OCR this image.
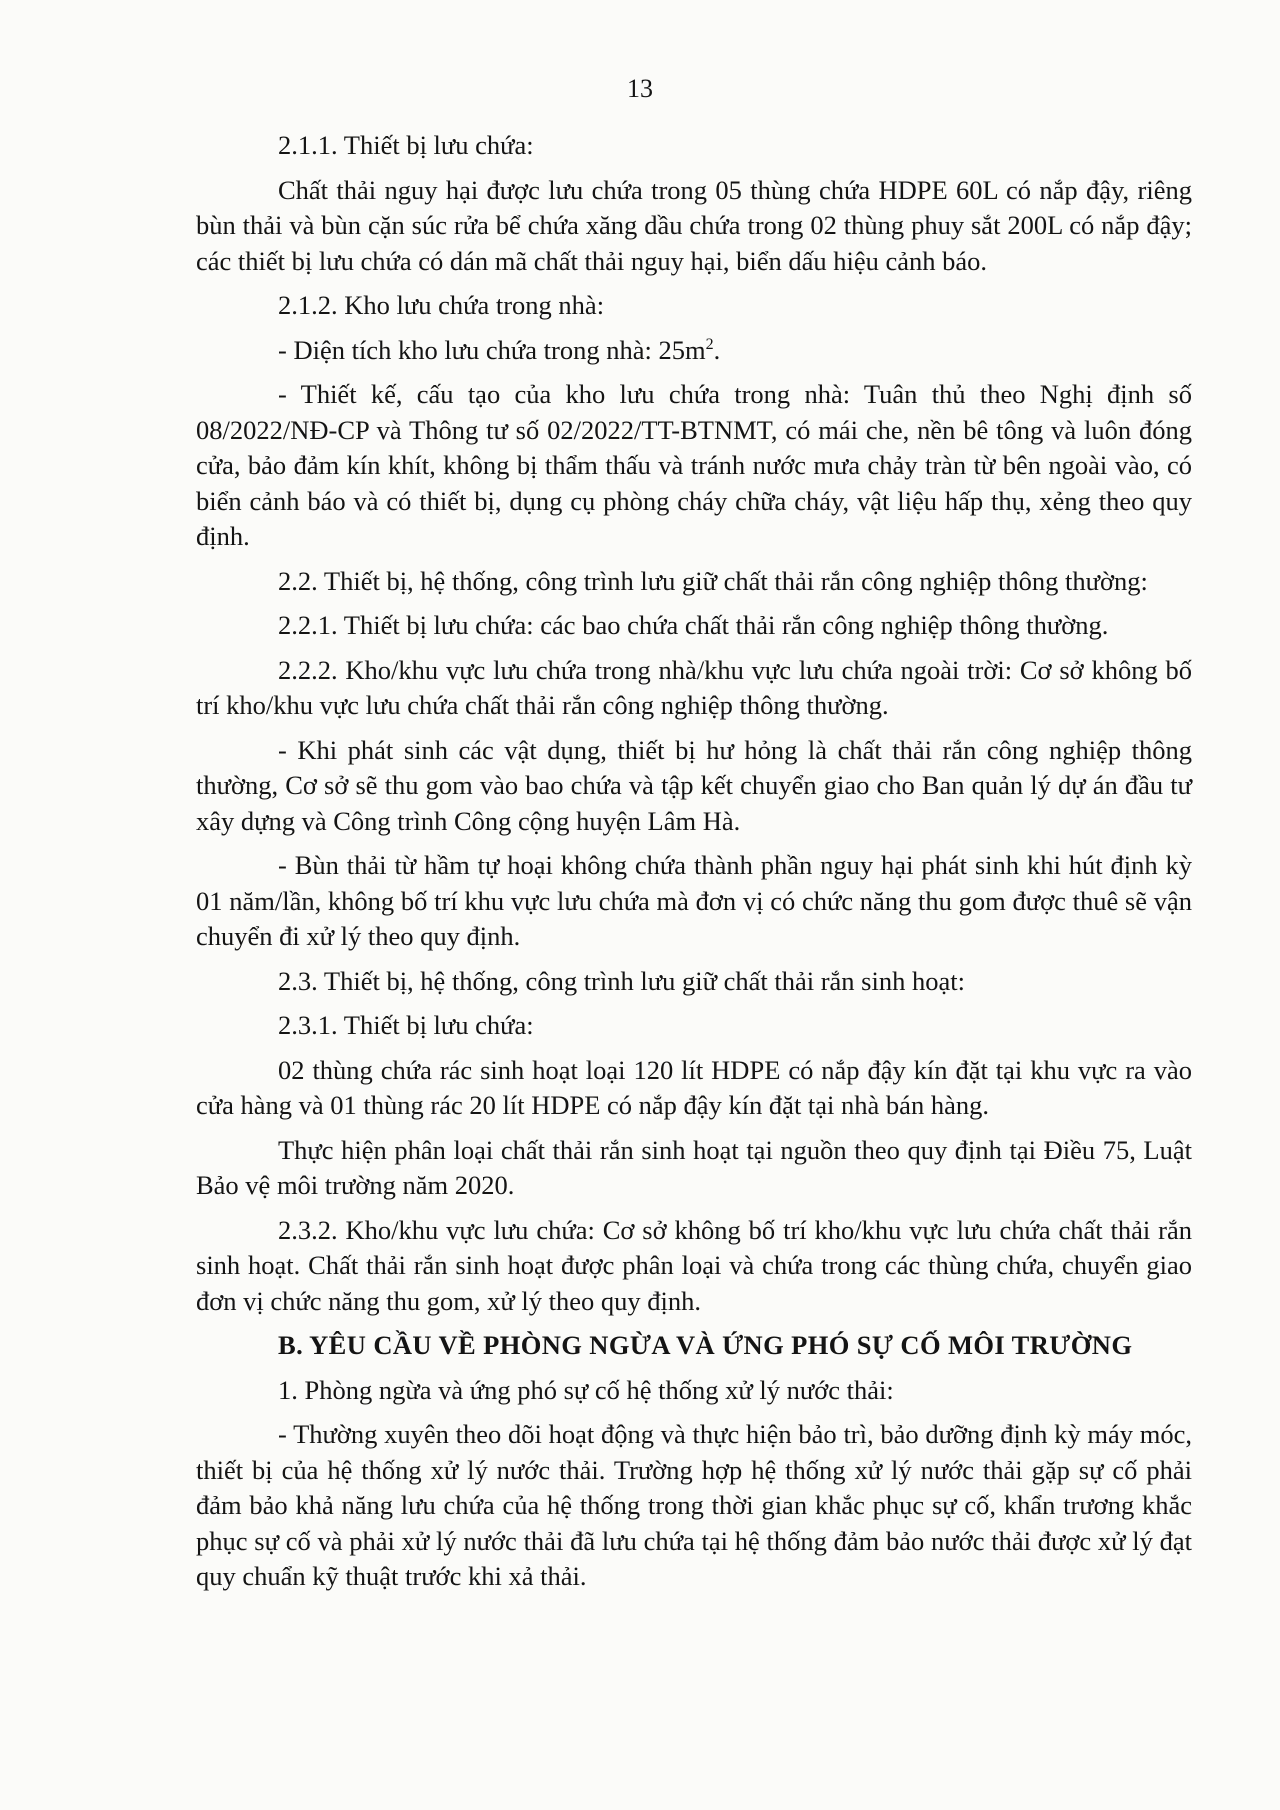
13

2.1.1. Thiết bị lưu chứa:

Chất thải nguy hại được lưu chứa trong 05 thùng chứa HDPE 60L có nắp đậy, riêng bùn thải và bùn cặn súc rửa bể chứa xăng dầu chứa trong 02 thùng phuy sắt 200L có nắp đậy; các thiết bị lưu chứa có dán mã chất thải nguy hại, biển dấu hiệu cảnh báo.

2.1.2. Kho lưu chứa trong nhà:

- Diện tích kho lưu chứa trong nhà: $25m^2$.

- Thiết kế, cấu tạo của kho lưu chứa trong nhà: Tuân thủ theo Nghị định số 08/2022/NĐ-CP và Thông tư số 02/2022/TT-BTNMT, có mái che, nền bê tông và luôn đóng cửa, bảo đảm kín khít, không bị thẩm thấu và tránh nước mưa chảy tràn từ bên ngoài vào, có biển cảnh báo và có thiết bị, dụng cụ phòng cháy chữa cháy, vật liệu hấp thụ, xẻng theo quy định.

2.2. Thiết bị, hệ thống, công trình lưu giữ chất thải rắn công nghiệp thông thường:

2.2.1. Thiết bị lưu chứa: các bao chứa chất thải rắn công nghiệp thông thường.

2.2.2. Kho/khu vực lưu chứa trong nhà/khu vực lưu chứa ngoài trời: Cơ sở không bố trí kho/khu vực lưu chứa chất thải rắn công nghiệp thông thường.

- Khi phát sinh các vật dụng, thiết bị hư hỏng là chất thải rắn công nghiệp thông thường, Cơ sở sẽ thu gom vào bao chứa và tập kết chuyển giao cho Ban quản lý dự án đầu tư xây dựng và Công trình Công cộng huyện Lâm Hà.

- Bùn thải từ hầm tự hoại không chứa thành phần nguy hại phát sinh khi hút định kỳ 01 năm/lần, không bố trí khu vực lưu chứa mà đơn vị có chức năng thu gom được thuê sẽ vận chuyển đi xử lý theo quy định.

2.3. Thiết bị, hệ thống, công trình lưu giữ chất thải rắn sinh hoạt:

2.3.1. Thiết bị lưu chứa:

02 thùng chứa rác sinh hoạt loại 120 lít HDPE có nắp đậy kín đặt tại khu vực ra vào cửa hàng và 01 thùng rác 20 lít HDPE có nắp đậy kín đặt tại nhà bán hàng.

Thực hiện phân loại chất thải rắn sinh hoạt tại nguồn theo quy định tại Điều 75, Luật Bảo vệ môi trường năm 2020.

2.3.2. Kho/khu vực lưu chứa: Cơ sở không bố trí kho/khu vực lưu chứa chất thải rắn sinh hoạt. Chất thải rắn sinh hoạt được phân loại và chứa trong các thùng chứa, chuyển giao đơn vị chức năng thu gom, xử lý theo quy định.

B. YÊU CẦU VỀ PHÒNG NGỪA VÀ ỨNG PHÓ SỰ CỐ MÔI TRƯỜNG

1. Phòng ngừa và ứng phó sự cố hệ thống xử lý nước thải:

- Thường xuyên theo dõi hoạt động và thực hiện bảo trì, bảo dưỡng định kỳ máy móc, thiết bị của hệ thống xử lý nước thải. Trường hợp hệ thống xử lý nước thải gặp sự cố phải đảm bảo khả năng lưu chứa của hệ thống trong thời gian khắc phục sự cố, khẩn trương khắc phục sự cố và phải xử lý nước thải đã lưu chứa tại hệ thống đảm bảo nước thải được xử lý đạt quy chuẩn kỹ thuật trước khi xả thải.
